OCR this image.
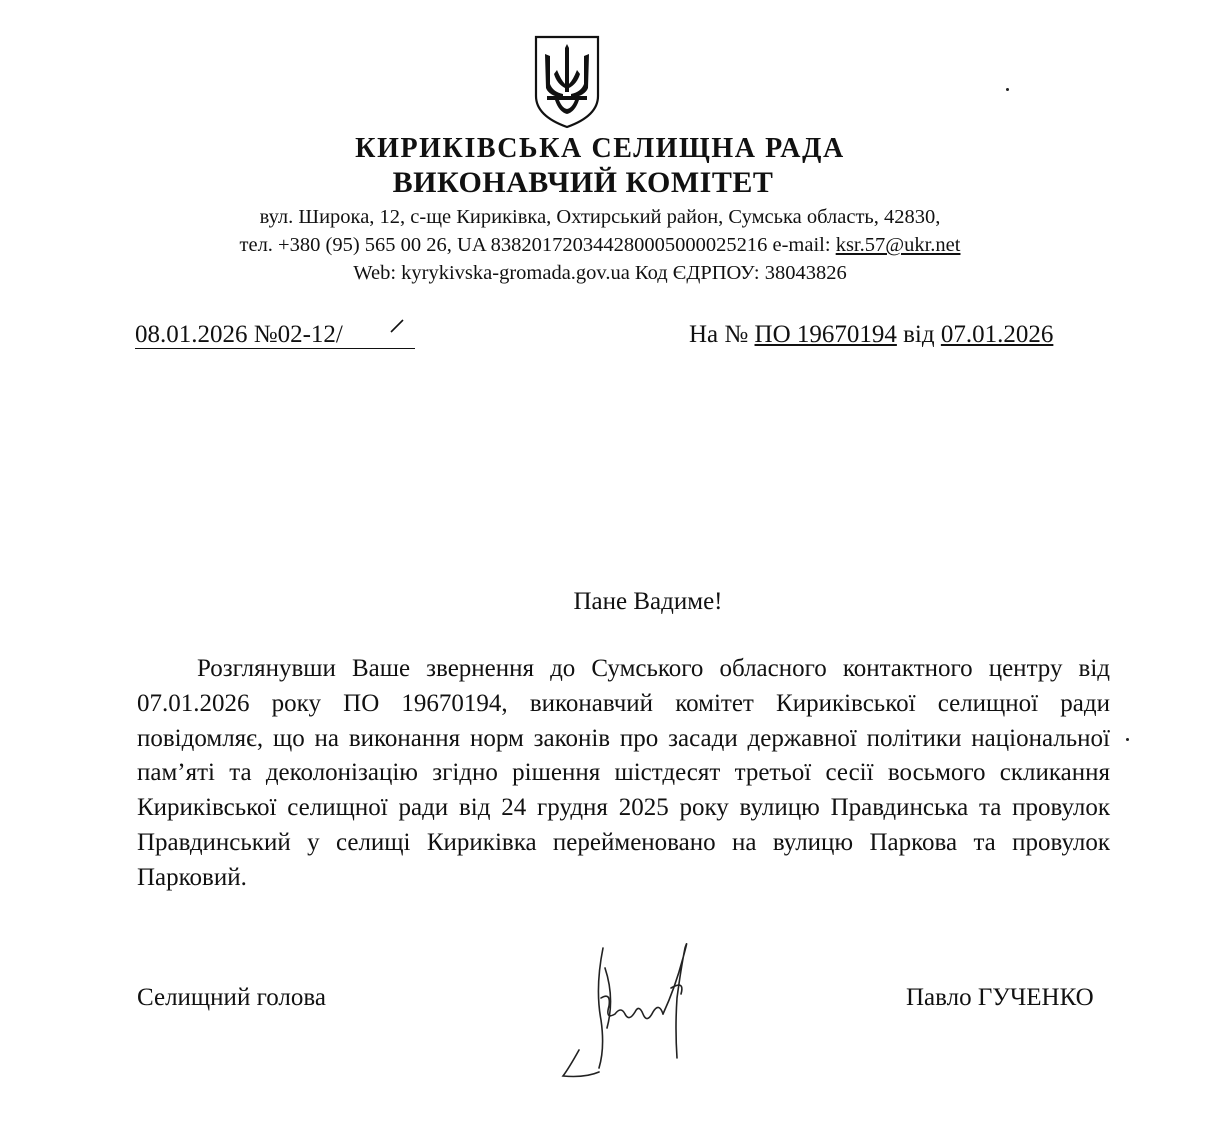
КИРИКІВСЬКА СЕЛИЩНА РАДА
ВИКОНАВЧИЙ КОМІТЕТ
вул. Широка, 12, с-ще Кириківка, Охтирський район, Сумська область, 42830,
тел. +380 (95) 565 00 26, UA 838201720344280005000025216 e-mail: ksr.57@ukr.net
Web: kyrykivska-gromada.gov.ua Код ЄДРПОУ: 38043826
08.01.2026 №02-12/	На № ПО 19670194 від 07.01.2026
Пане Вадиме!

Розглянувши Ваше звернення до Сумського обласного контактного центру від 07.01.2026 року ПО 19670194, виконавчий комітет Кириківської селищної ради повідомляє, що на виконання норм законів про засади державної політики національної пам’яті та деколонізацію згідно рішення шістдесят третьої сесії восьмого скликання Кириківської селищної ради від 24 грудня 2025 року вулицю Правдинська та провулок Правдинський у селищі Кириківка перейменовано на вулицю Паркова та провулок Парковий.

Селищний голова	Павло ГУЧЕНКО
